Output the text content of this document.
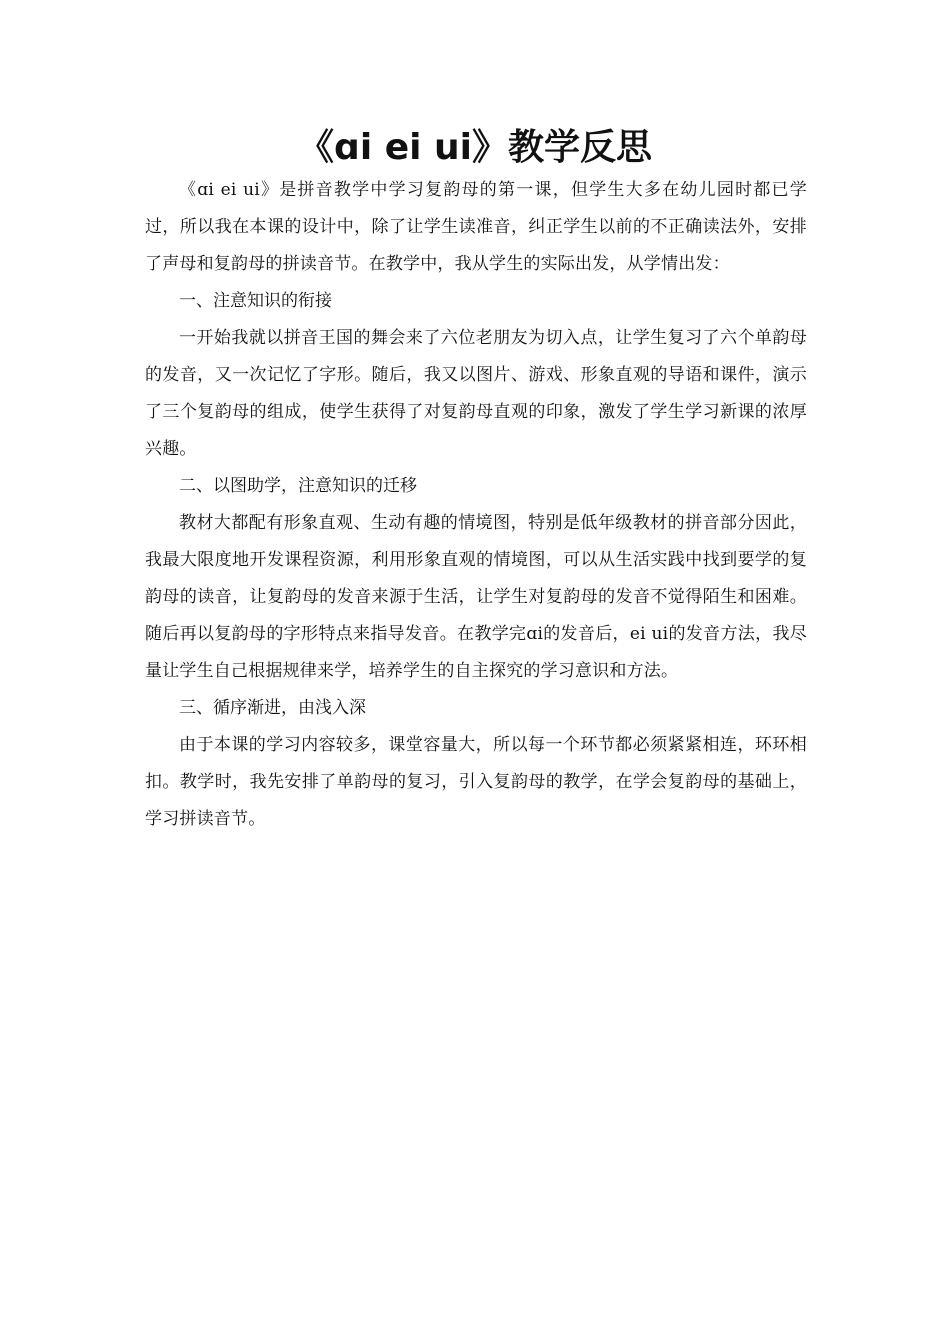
《ɑi ei ui》教学反思

《ɑi ei ui》是拼音教学中学习复韵母的第一课，但学生大多在幼儿园时都已学过，所以我在本课的设计中，除了让学生读准音，纠正学生以前的不正确读法外，安排了声母和复韵母的拼读音节。在教学中，我从学生的实际出发，从学情出发：

一、注意知识的衔接

一开始我就以拼音王国的舞会来了六位老朋友为切入点，让学生复习了六个单韵母的发音，又一次记忆了字形。随后，我又以图片、游戏、形象直观的导语和课件，演示了三个复韵母的组成，使学生获得了对复韵母直观的印象，激发了学生学习新课的浓厚兴趣。

二、以图助学，注意知识的迁移

教材大都配有形象直观、生动有趣的情境图，特别是低年级教材的拼音部分因此，我最大限度地开发课程资源，利用形象直观的情境图，可以从生活实践中找到要学的复韵母的读音，让复韵母的发音来源于生活，让学生对复韵母的发音不觉得陌生和困难。随后再以复韵母的字形特点来指导发音。在教学完ɑi的发音后，ei ui的发音方法，我尽量让学生自己根据规律来学，培养学生的自主探究的学习意识和方法。

三、循序渐进，由浅入深

由于本课的学习内容较多，课堂容量大，所以每一个环节都必须紧紧相连，环环相扣。教学时，我先安排了单韵母的复习，引入复韵母的教学，在学会复韵母的基础上，学习拼读音节。
